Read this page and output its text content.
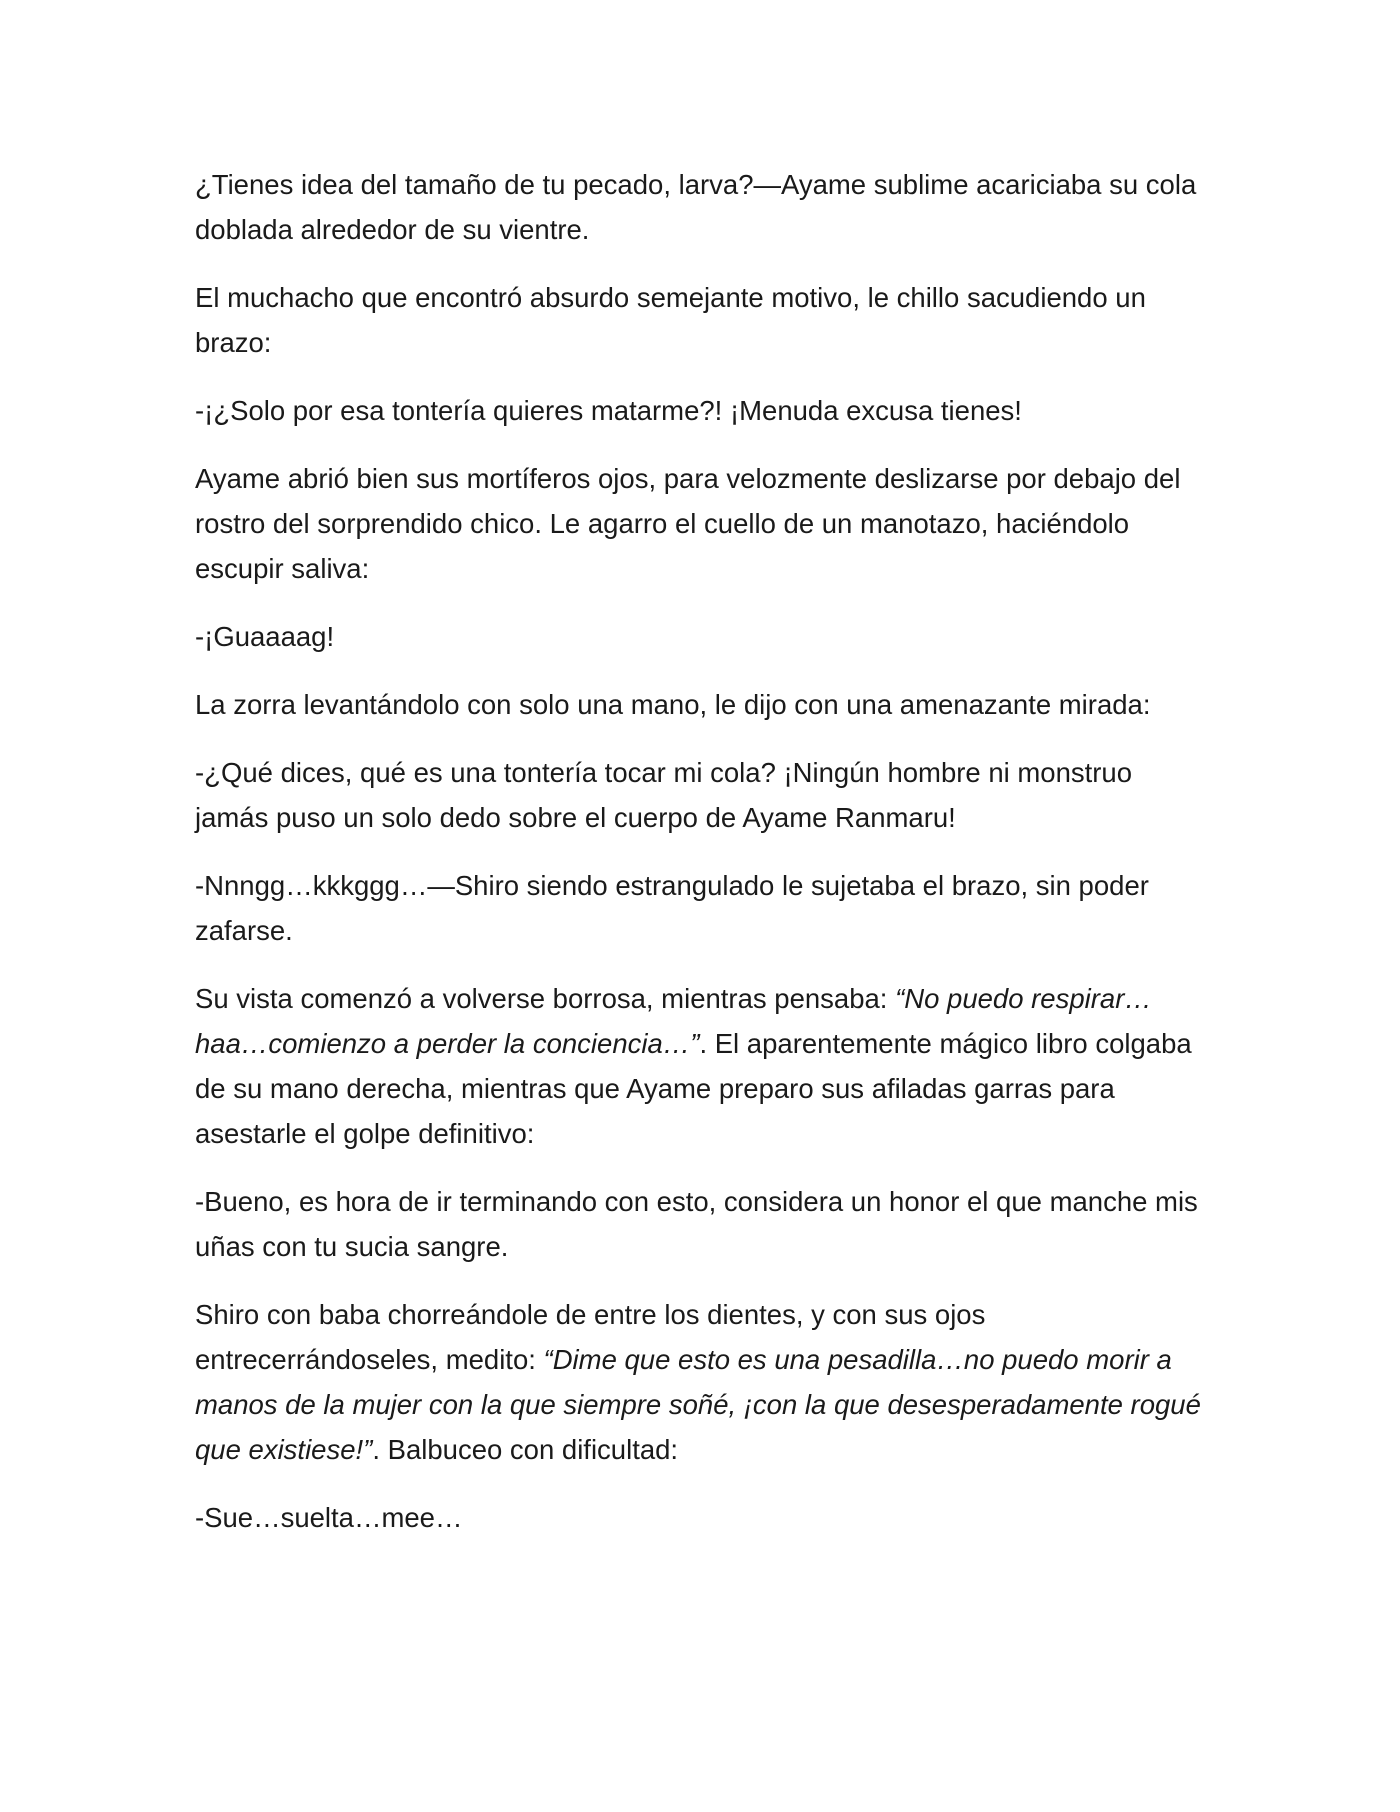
¿Tienes idea del tamaño de tu pecado, larva?—Ayame sublime acariciaba su cola doblada alrededor de su vientre.

El muchacho que encontró absurdo semejante motivo, le chillo sacudiendo un brazo:

-¡¿Solo por esa tontería quieres matarme?! ¡Menuda excusa tienes!

Ayame abrió bien sus mortíferos ojos, para velozmente deslizarse por debajo del rostro del sorprendido chico. Le agarro el cuello de un manotazo, haciéndolo escupir saliva:

-¡Guaaaag!

La zorra levantándolo con solo una mano, le dijo con una amenazante mirada:

-¿Qué dices, qué es una tontería tocar mi cola? ¡Ningún hombre ni monstruo jamás puso un solo dedo sobre el cuerpo de Ayame Ranmaru!

-Nnngg…kkkggg…—Shiro siendo estrangulado le sujetaba el brazo, sin poder zafarse.

Su vista comenzó a volverse borrosa, mientras pensaba: “No puedo respirar…haa…comienzo a perder la conciencia…”. El aparentemente mágico libro colgaba de su mano derecha, mientras que Ayame preparo sus afiladas garras para asestarle el golpe definitivo:

-Bueno, es hora de ir terminando con esto, considera un honor el que manche mis uñas con tu sucia sangre.

Shiro con baba chorreándole de entre los dientes, y con sus ojos entrecerrándoseles, medito: “Dime que esto es una pesadilla…no puedo morir a manos de la mujer con la que siempre soñé, ¡con la que desesperadamente rogué que existiese!”. Balbuceo con dificultad:

-Sue…suelta…mee…
